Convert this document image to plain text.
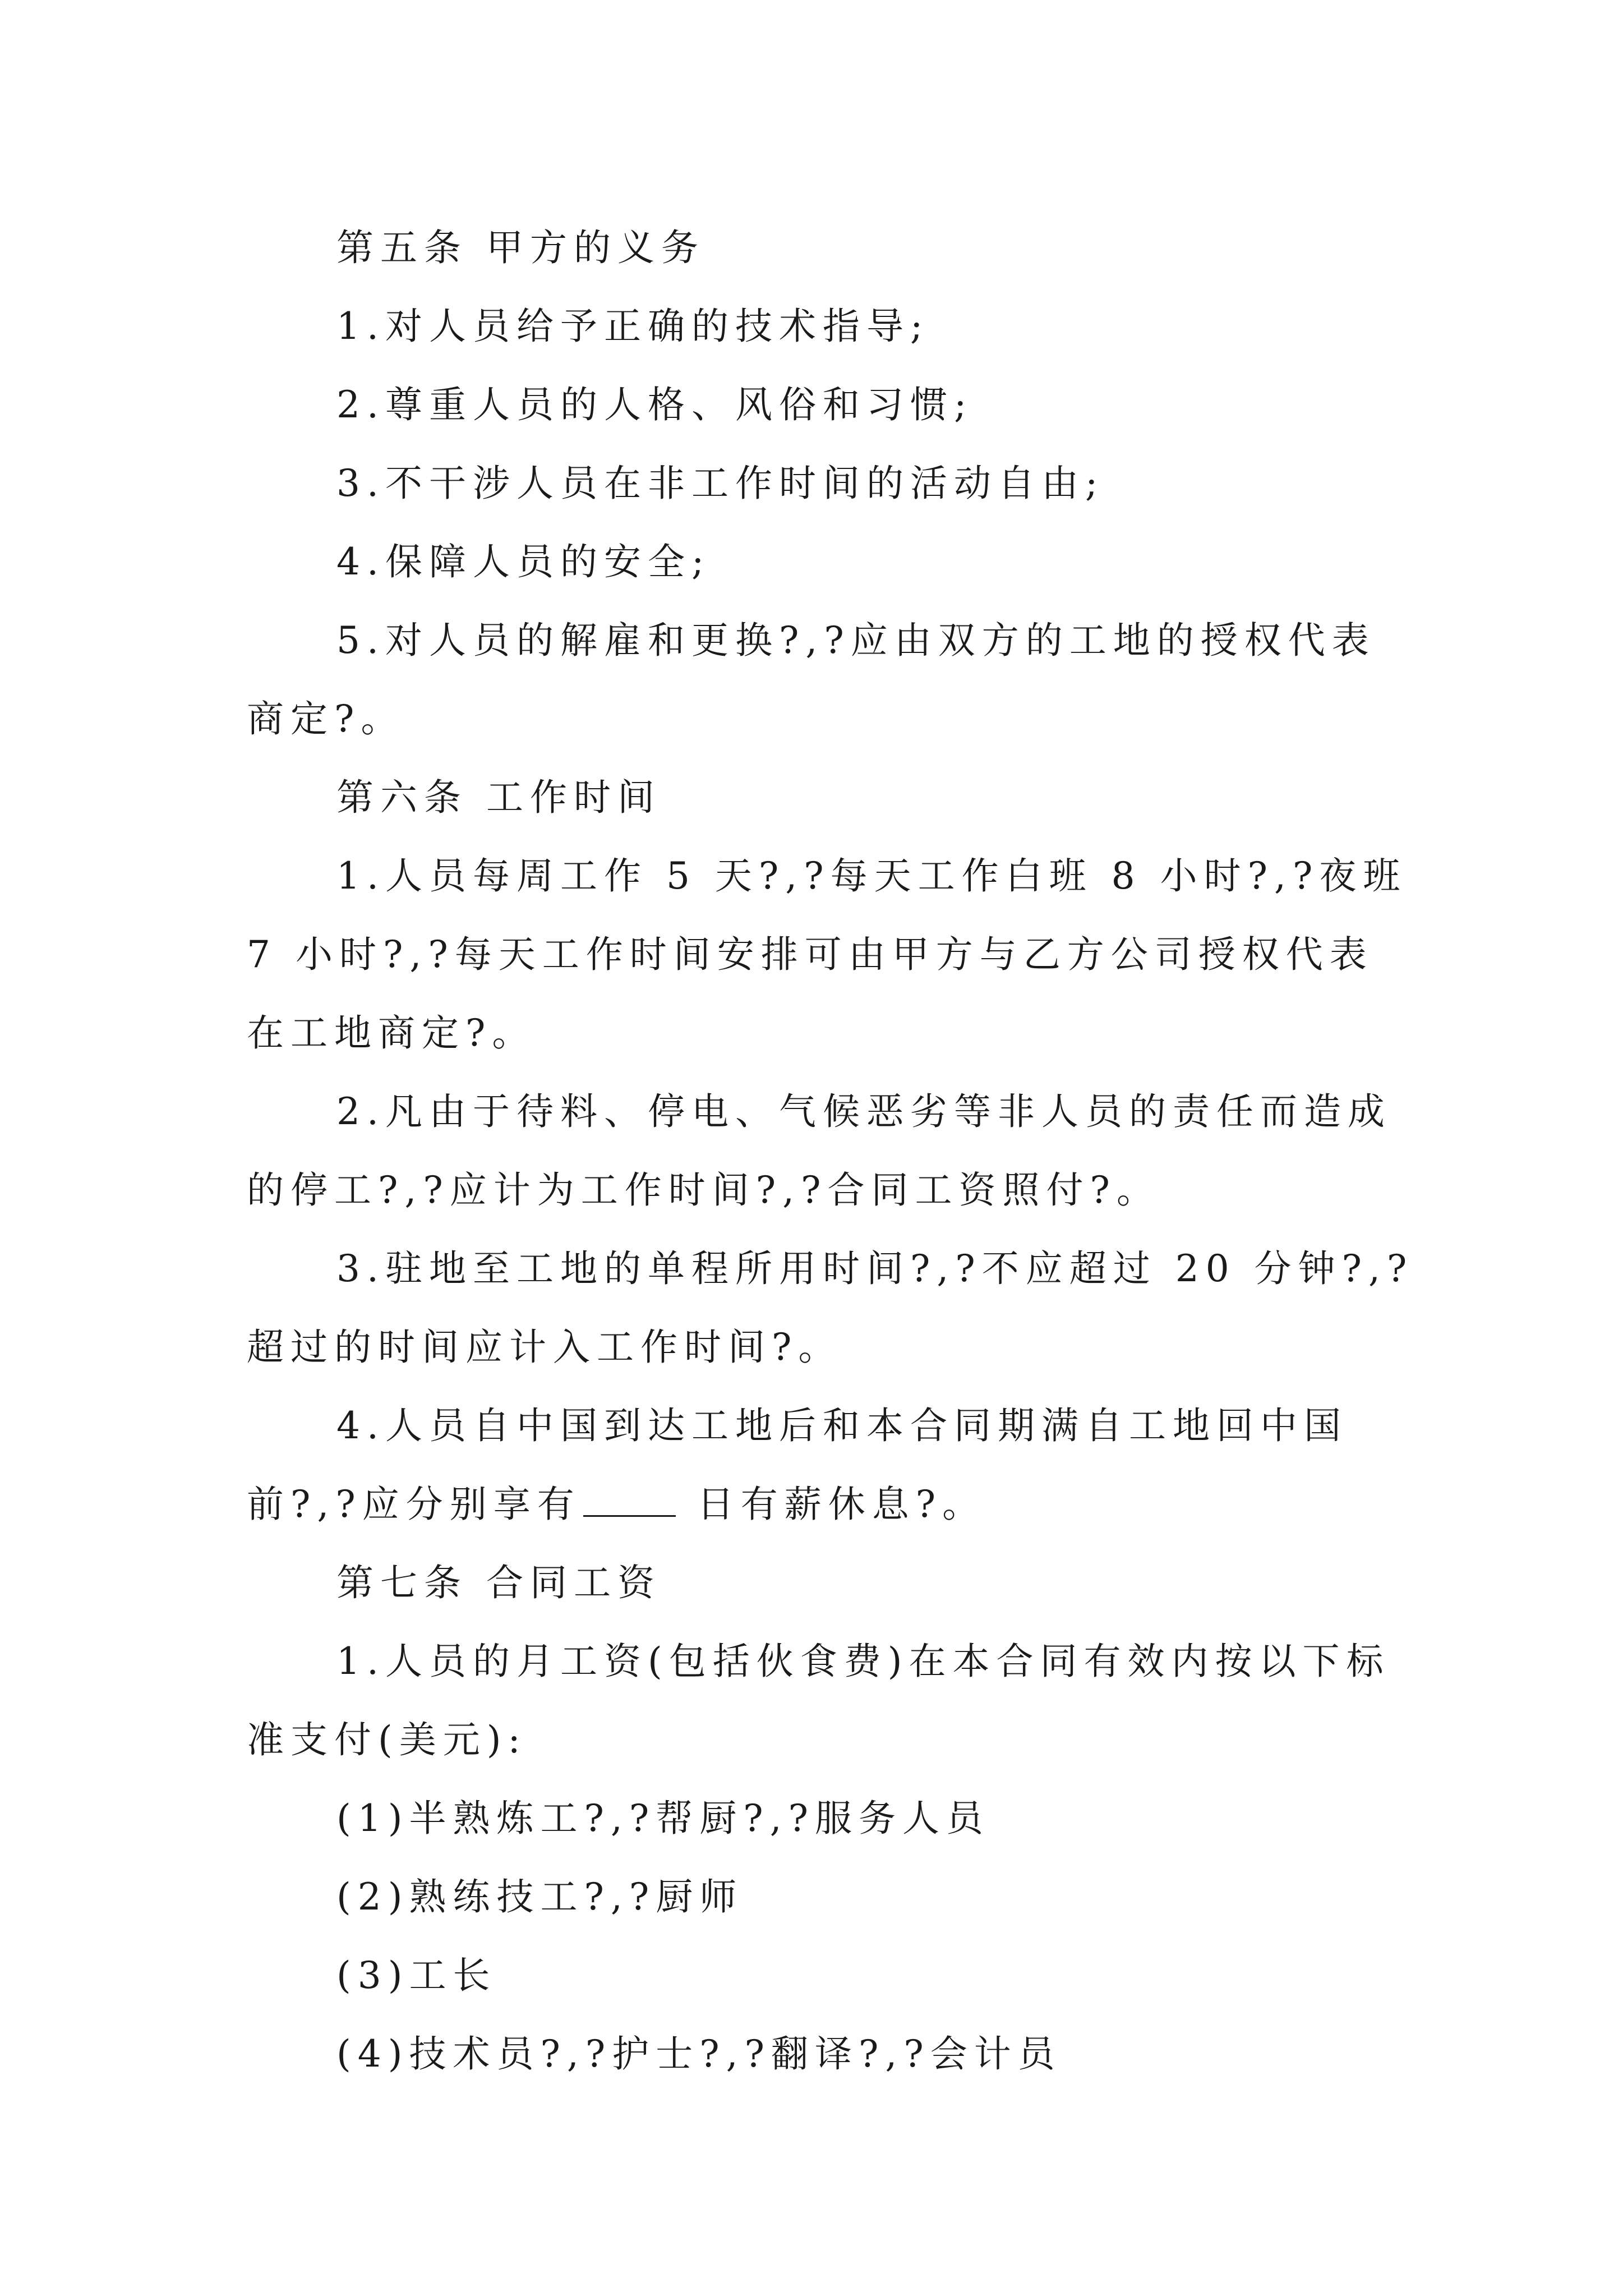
第五条 甲方的义务

1.对人员给予正确的技术指导;

2.尊重人员的人格、风俗和习惯;

3.不干涉人员在非工作时间的活动自由;

4.保障人员的安全;

5.对人员的解雇和更换?,?应由双方的工地的授权代表

商定?。

第六条 工作时间

1.人员每周工作 5 天?,?每天工作白班 8 小时?,?夜班

7 小时?,?每天工作时间安排可由甲方与乙方公司授权代表

在工地商定?。

2.凡由于待料、停电、气候恶劣等非人员的责任而造成

的停工?,?应计为工作时间?,?合同工资照付?。

3.驻地至工地的单程所用时间?,?不应超过 20 分钟?,?

超过的时间应计入工作时间?。

4.人员自中国到达工地后和本合同期满自工地回中国

前?,?应分别享有	日有薪休息?。

第七条 合同工资

1.人员的月工资(包括伙食费)在本合同有效内按以下标

准支付(美元):

(1)半熟炼工?,?帮厨?,?服务人员

(2)熟练技工?,?厨师

(3)工长

(4)技术员?,?护士?,?翻译?,?会计员
